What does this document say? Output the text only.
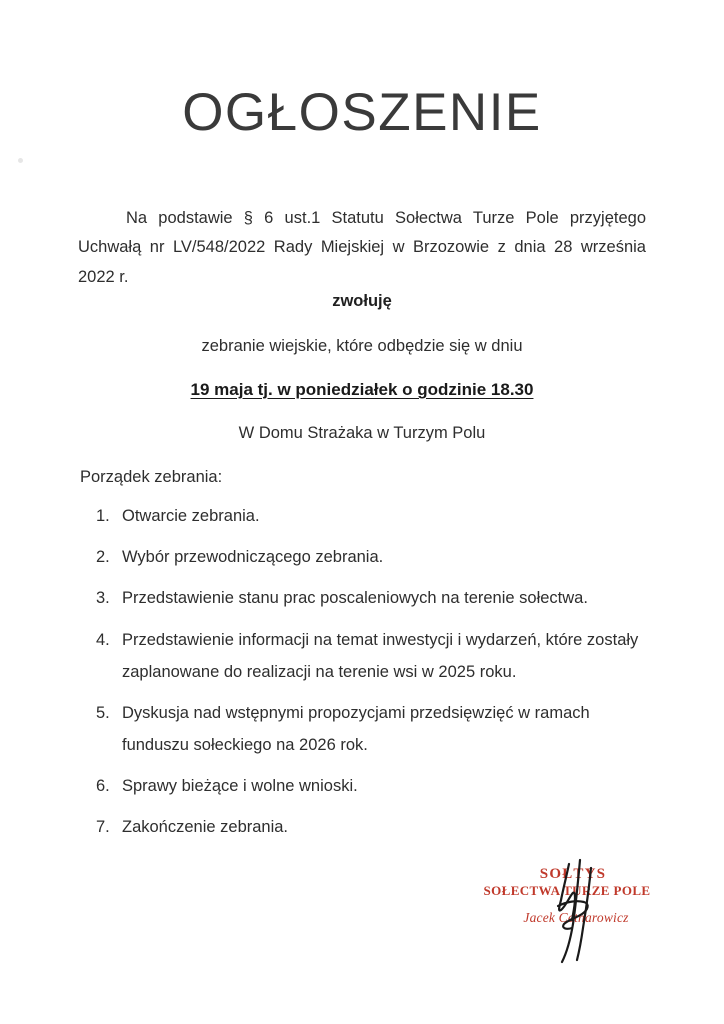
OGŁOSZENIE
Na podstawie § 6 ust.1 Statutu Sołectwa Turze Pole przyjętego Uchwałą nr LV/548/2022 Rady Miejskiej w Brzozowie z dnia 28 września 2022 r.
zwołuję
zebranie wiejskie, które odbędzie się w dniu
19 maja tj. w poniedziałek o godzinie 18.30
W Domu Strażaka w Turzym Polu
Porządek zebrania:
1. Otwarcie zebrania.
2. Wybór przewodniczącego zebrania.
3. Przedstawienie stanu prac poscaleniowych na terenie sołectwa.
4. Przedstawienie informacji na temat inwestycji i wydarzeń, które zostały zaplanowane do realizacji na terenie wsi w 2025 roku.
5. Dyskusja nad wstępnymi propozycjami przedsięwzięć w ramach funduszu sołeckiego na 2026 rok.
6. Sprawy bieżące i wolne wnioski.
7. Zakończenie zebrania.
SOŁTYS
SOŁECTWA TURZE POLE
Jacek Cetnarowicz
